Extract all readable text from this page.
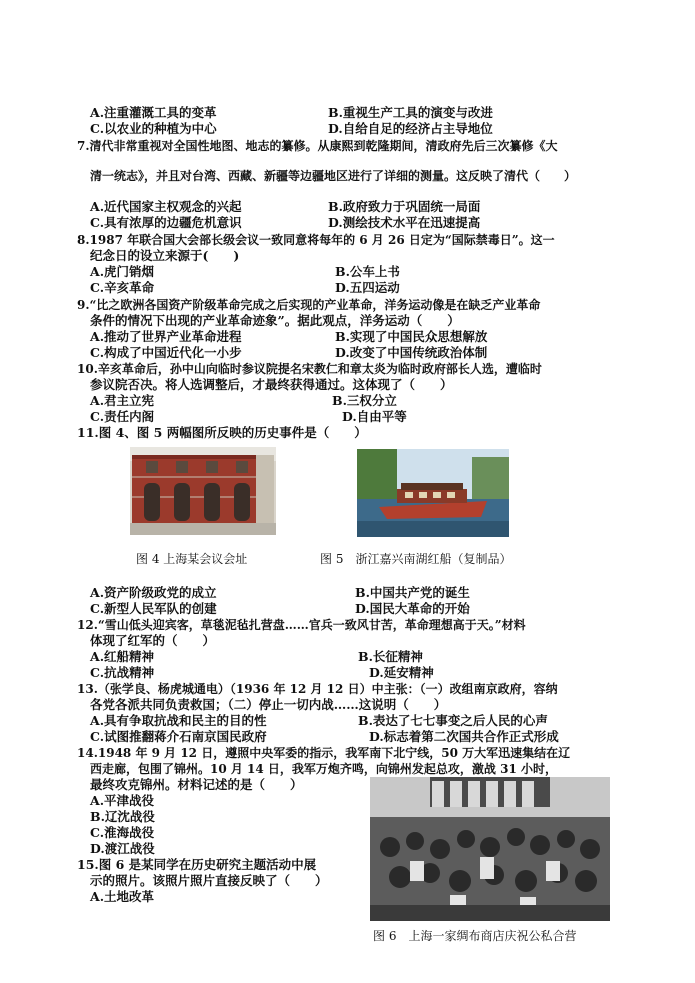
A.注重灌溉工具的变革	B.重视生产工具的演变与改进
C.以农业的种植为中心	D.自给自足的经济占主导地位
7.清代非常重视对全国性地图、地志的纂修。从康熙到乾隆期间，清政府先后三次纂修《大
清一统志》，并且对台湾、西藏、新疆等边疆地区进行了详细的测量。这反映了清代（　　）
A.近代国家主权观念的兴起	B.政府致力于巩固统一局面
C.具有浓厚的边疆危机意识	D.测绘技术水平在迅速提高
8.1987 年联合国大会部长级会议一致同意将每年的 6 月 26 日定为“国际禁毒日”。这一
纪念日的设立来源于(　　)
A.虎门销烟	B.公车上书
C.辛亥革命	D.五四运动
9.“比之欧洲各国资产阶级革命完成之后实现的产业革命，洋务运动像是在缺乏产业革命
条件的情况下出现的产业革命迹象”。据此观点，洋务运动（　　）
A.推动了世界产业革命进程	B.实现了中国民众思想解放
C.构成了中国近代化一小步	D.改变了中国传统政治体制
10.辛亥革命后，孙中山向临时参议院提名宋教仁和章太炎为临时政府部长人选，遭临时
参议院否决。将人选调整后，才最终获得通过。这体现了（　　）
A.君主立宪	B.三权分立
C.责任内阁	D.自由平等
11.图 4、图 5 两幅图所反映的历史事件是（　　）
图 4 上海某会议会址	图 5　浙江嘉兴南湖红船（复制品）
A.资产阶级政党的成立	B.中国共产党的诞生
C.新型人民军队的创建	D.国民大革命的开始
12.“雪山低头迎宾客，草毯泥毡扎营盘……官兵一致风甘苦，革命理想高于天。”材料
体现了红军的（　　）
A.红船精神	B.长征精神
C.抗战精神	D.延安精神
13.（张学良、杨虎城通电）（1936 年 12 月 12 日）中主张：（一）改组南京政府，容纳
各党各派共同负责救国；（二）停止一切内战……这说明（　　）
A.具有争取抗战和民主的目的性	B.表达了七七事变之后人民的心声
C.试图推翻蒋介石南京国民政府	D.标志着第二次国共合作正式形成
14.1948 年 9 月 12 日，遵照中央军委的指示，我军南下北宁线，50 万大军迅速集结在辽
西走廊，包围了锦州。10 月 14 日，我军万炮齐鸣，向锦州发起总攻，激战 31 小时，
最终攻克锦州。材料记述的是（　　）
A.平津战役
B.辽沈战役
C.淮海战役
D.渡江战役
15.图 6 是某同学在历史研究主题活动中展
示的照片。该照片照片直接反映了（　　）
A.土地改革
图 6　上海一家绸布商店庆祝公私合营
